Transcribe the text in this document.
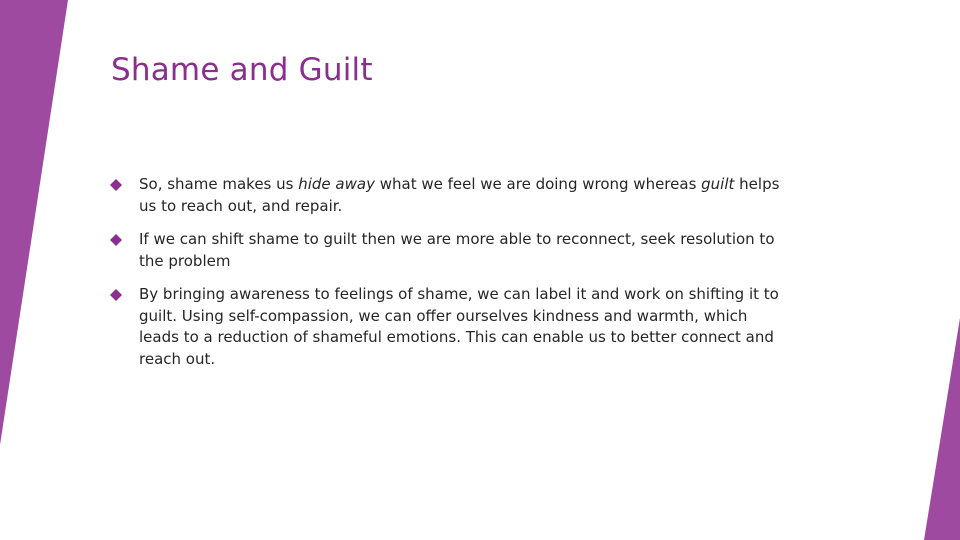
Shame and Guilt
So, shame makes us hide away what we feel we are doing wrong whereas guilt helps us to reach out, and repair.
If we can shift shame to guilt then we are more able to reconnect, seek resolution to the problem
By bringing awareness to feelings of shame, we can label it and work on shifting it to guilt. Using self-compassion, we can offer ourselves kindness and warmth, which leads to a reduction of shameful emotions. This can enable us to better connect and reach out.
